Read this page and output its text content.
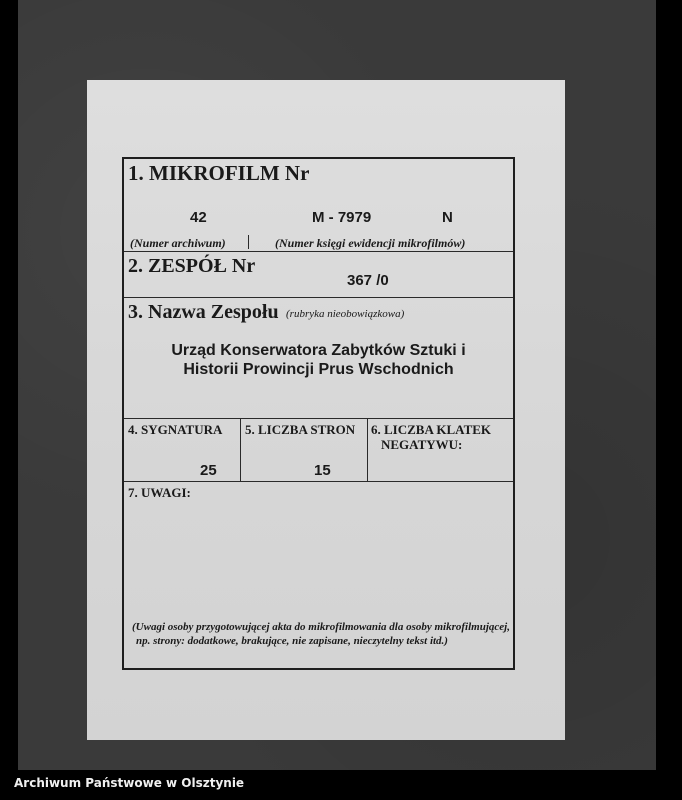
1. MIKROFILM Nr
42	M - 7979	N
(Numer archiwum)	(Numer księgi ewidencji mikrofilmów)
2. ZESPÓŁ Nr
367 /0
3. Nazwa Zespołu (rubryka nieobowiązkowa)
Urząd Konserwatora Zabytków Sztuki i
Historii Prowincji Prus Wschodnich
4. SYGNATURA
25
5. LICZBA STRON
15
6. LICZBA KLATEK
NEGATYWU:
7. UWAGI:
(Uwagi osoby przygotowującej akta do mikrofilmowania dla osoby mikrofilmującej,
np. strony: dodatkowe, brakujące, nie zapisane, nieczytelny tekst itd.)
Archiwum Państwowe w Olsztynie
